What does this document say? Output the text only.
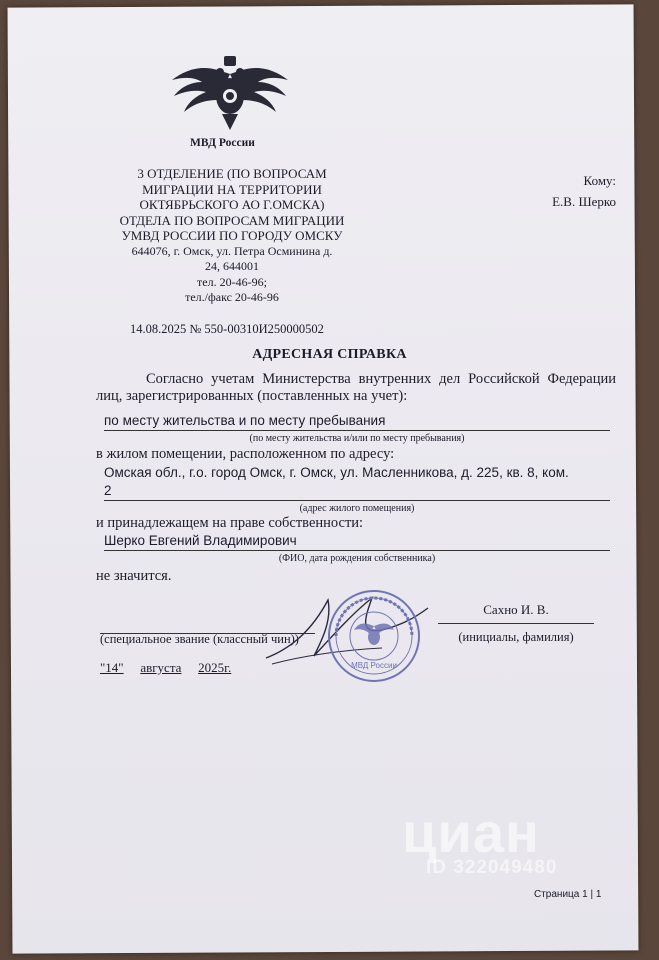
МВД России
3 ОТДЕЛЕНИЕ (ПО ВОПРОСАМ
МИГРАЦИИ НА ТЕРРИТОРИИ
ОКТЯБРЬСКОГО АО Г.ОМСКА)
ОТДЕЛА ПО ВОПРОСАМ МИГРАЦИИ
УМВД РОССИИ ПО ГОРОДУ ОМСКУ
644076, г. Омск, ул. Петра Осминина д.
24, 644001
тел. 20-46-96;
тел./факс 20-46-96
Кому:
Е.В. Шерко
14.08.2025 № 550-00310И250000502
АДРЕСНАЯ СПРАВКА
Согласно учетам Министерства внутренних дел Российской Федерации лиц, зарегистрированных (поставленных на учет):
по месту жительства и по месту пребывания
(по месту жительства и/или по месту пребывания)
в жилом помещении, расположенном по адресу:
Омская обл., г.о. город Омск, г. Омск, ул. Масленникова, д. 225, кв. 8, ком.
2
(адрес жилого помещения)
и принадлежащем на праве собственности:
Шерко Евгений Владимирович
(ФИО, дата рождения собственника)
не значится.
(специальное звание (классный чин))
Сахно И. В.
(инициалы, фамилия)
МВД России
"14" августа 2025г.
циан
ID 322049480
Страница 1 | 1
